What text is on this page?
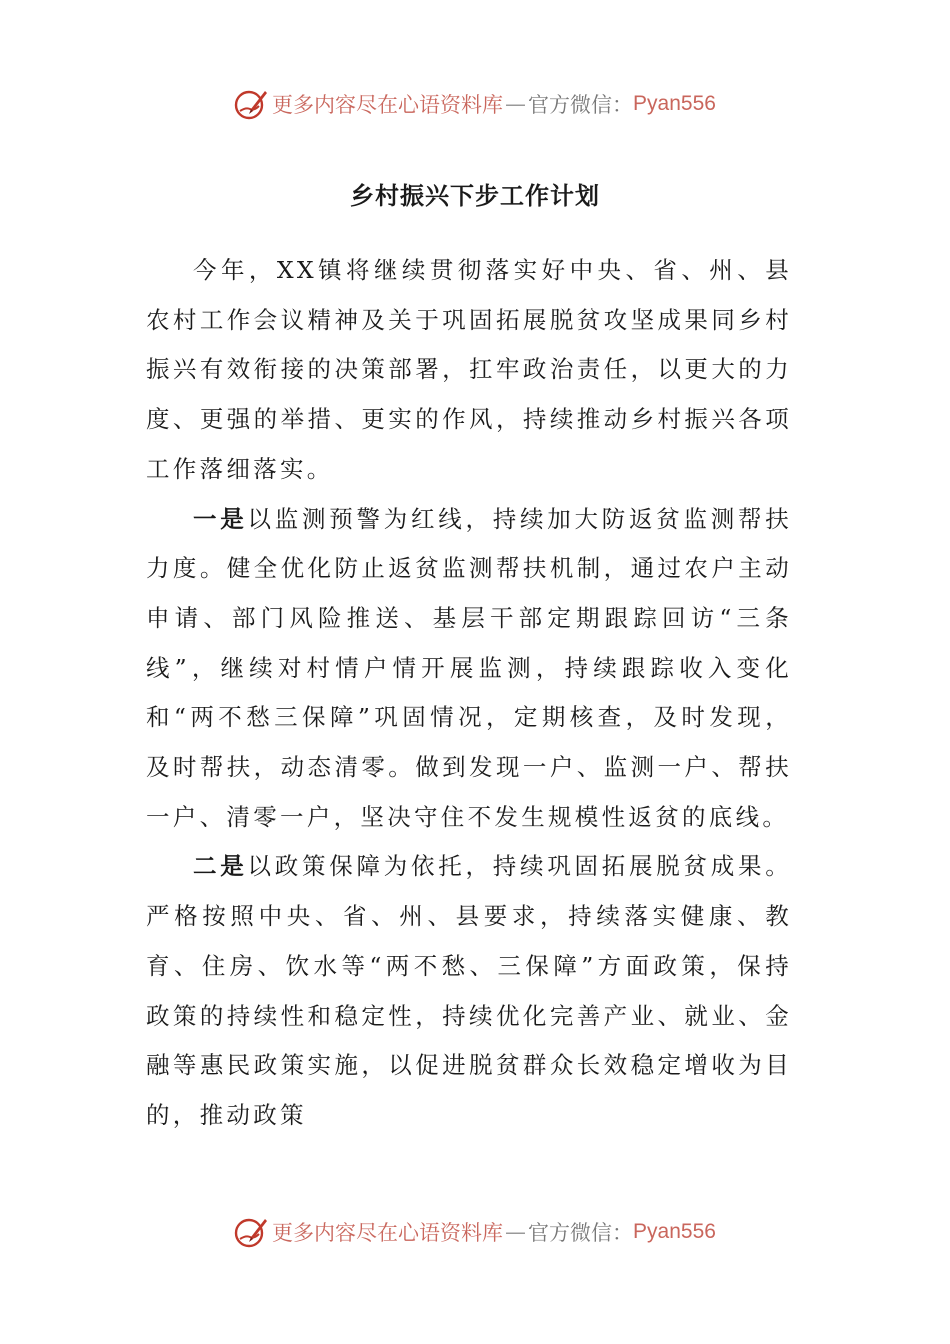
更多内容尽在心语资料库 — 官方微信： Pyan556
乡村振兴下步工作计划

今年，XX镇将继续贯彻落实好中央、省、州、县农村工作会议精神及关于巩固拓展脱贫攻坚成果同乡村振兴有效衔接的决策部署，扛牢政治责任，以更大的力度、更强的举措、更实的作风，持续推动乡村振兴各项工作落细落实。

一是以监测预警为红线，持续加大防返贫监测帮扶力度。健全优化防止返贫监测帮扶机制，通过农户主动申请、部门风险推送、基层干部定期跟踪回访“三条线”，继续对村情户情开展监测，持续跟踪收入变化和“两不愁三保障”巩固情况，定期核查，及时发现，及时帮扶，动态清零。做到发现一户、监测一户、帮扶一户、清零一户，坚决守住不发生规模性返贫的底线。

二是以政策保障为依托，持续巩固拓展脱贫成果。严格按照中央、省、州、县要求，持续落实健康、教育、住房、饮水等“两不愁、三保障”方面政策，保持政策的持续性和稳定性，持续优化完善产业、就业、金融等惠民政策实施，以促进脱贫群众长效稳定增收为目的，推动政策

更多内容尽在心语资料库 — 官方微信： Pyan556
